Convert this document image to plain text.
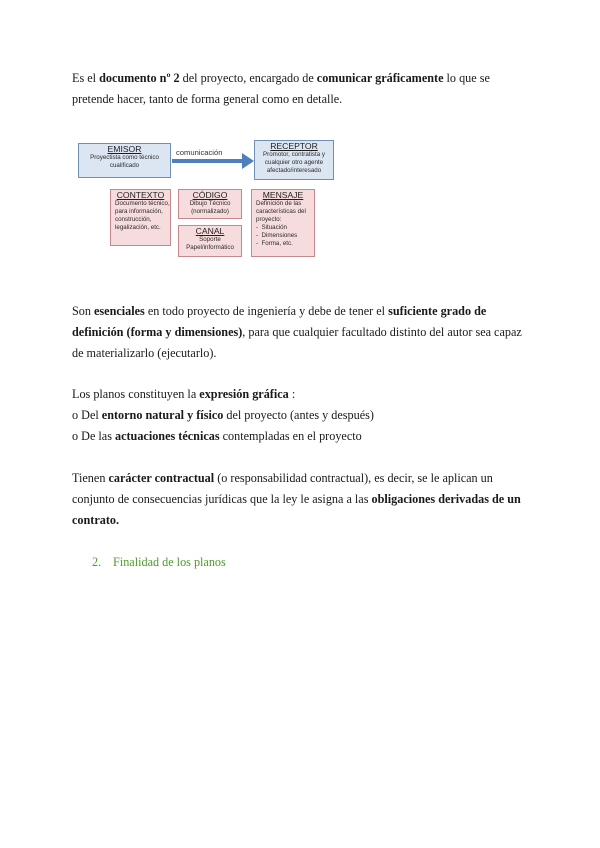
Es el documento nº 2 del proyecto, encargado de comunicar gráficamente lo que se pretende hacer, tanto de forma general como en detalle.

comunicación
EMISOR
Proyectista como técnico cualificado
RECEPTOR
Promotor, contratista y cualquier otro agente afectado/interesado
CONTEXTO
Documento técnico, para información, construcción, legalización, etc.
CÓDIGO
Dibujo Técnico (normalizado)
CANAL
Soporte Papel/informático
MENSAJE
Definición de las características del proyecto:
-  Situación
-  Dimensiones
-  Forma, etc.

Son esenciales en todo proyecto de ingeniería y debe de tener el suficiente grado de definición (forma y dimensiones), para que cualquier facultado distinto del autor sea capaz de materializarlo (ejecutarlo).

Los planos constituyen la expresión gráfica :
o Del entorno natural y físico del proyecto (antes y después)
o De las actuaciones técnicas contempladas en el proyecto

Tienen carácter contractual (o responsabilidad contractual), es decir, se le aplican un conjunto de consecuencias jurídicas que la ley le asigna a las obligaciones derivadas de un contrato.

2. Finalidad de los planos
